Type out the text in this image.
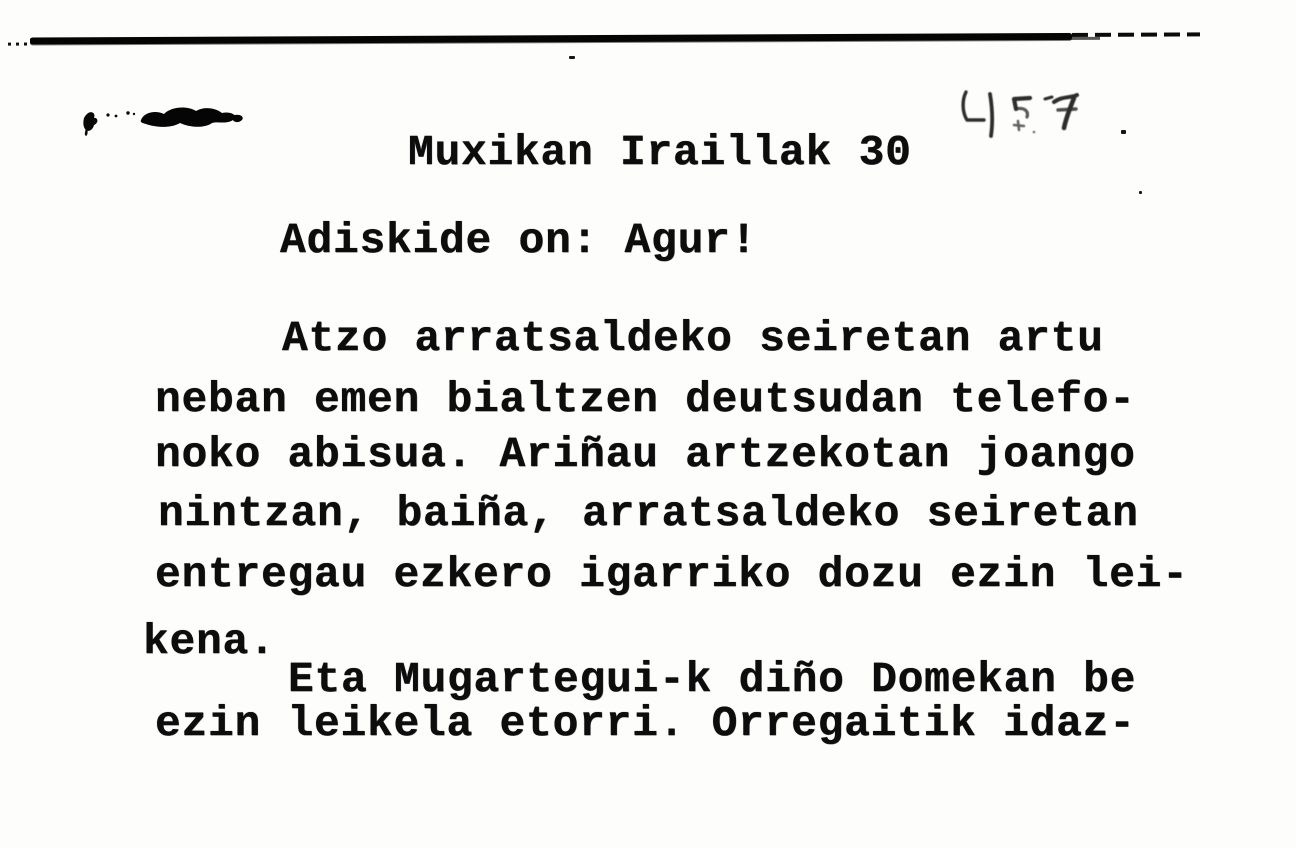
Muxikan Iraillak 30
Adiskide on: Agur!
Atzo arratsaldeko seiretan artu
neban emen bialtzen deutsudan telefo-
noko abisua. Ariñau artzekotan joango
nintzan, baiña, arratsaldeko seiretan
entregau ezkero igarriko dozu ezin lei-
kena.
Eta Mugartegui-k diño Domekan be
ezin leikela etorri. Orregaitik idaz-
